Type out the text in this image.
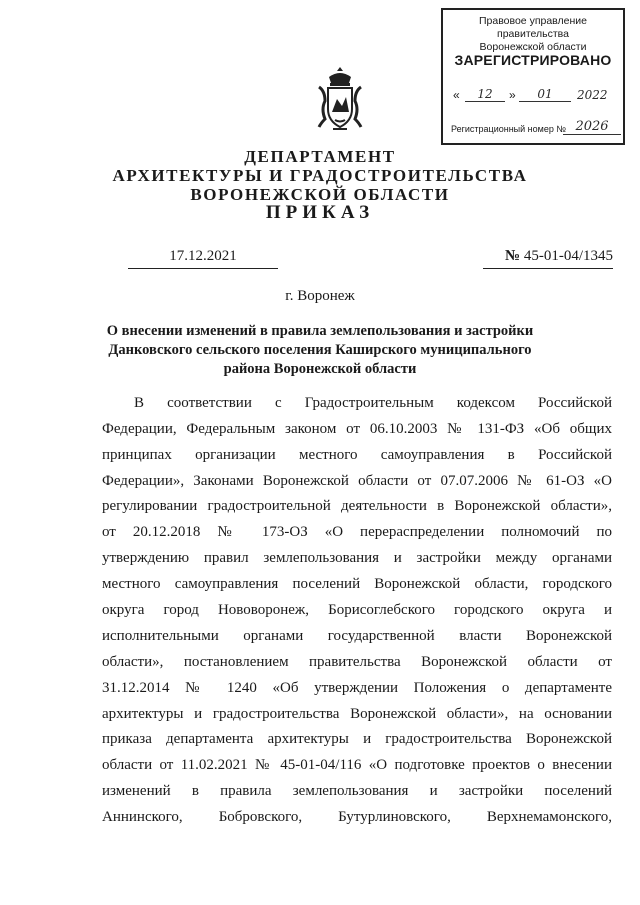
Правовое управление правительства
Воронежской области
ЗАРЕГИСТРИРОВАНО
«	12	»	01	2022
Регистрационный номер № 2026
ДЕПАРТАМЕНТ
АРХИТЕКТУРЫ И ГРАДОСТРОИТЕЛЬСТВА
ВОРОНЕЖСКОЙ ОБЛАСТИ
ПРИКАЗ
17.12.2021	№ 45-01-04/1345
г. Воронеж
О внесении изменений в правила землепользования и застройки
Данковского сельского поселения Каширского муниципального
района Воронежской области
В соответствии с Градостроительным кодексом Российской
Федерации, Федеральным законом от 06.10.2003 № 131-ФЗ «Об общих
принципах организации местного самоуправления в Российской
Федерации», Законами Воронежской области от 07.07.2006 № 61-ОЗ «О
регулировании градостроительной деятельности в Воронежской области»,
от 20.12.2018 № 173-ОЗ «О перераспределении полномочий по
утверждению правил землепользования и застройки между органами
местного самоуправления поселений Воронежской области, городского
округа город Нововоронеж, Борисоглебского городского округа и
исполнительными органами государственной власти Воронежской
области», постановлением правительства Воронежской области от
31.12.2014 № 1240 «Об утверждении Положения о департаменте
архитектуры и градостроительства Воронежской области», на основании
приказа департамента архитектуры и градостроительства Воронежской
области от 11.02.2021 № 45-01-04/116 «О подготовке проектов о внесении
изменений в правила землепользования и застройки поселений
Аннинского, Бобровского, Бутурлиновского, Верхнемамонского,
